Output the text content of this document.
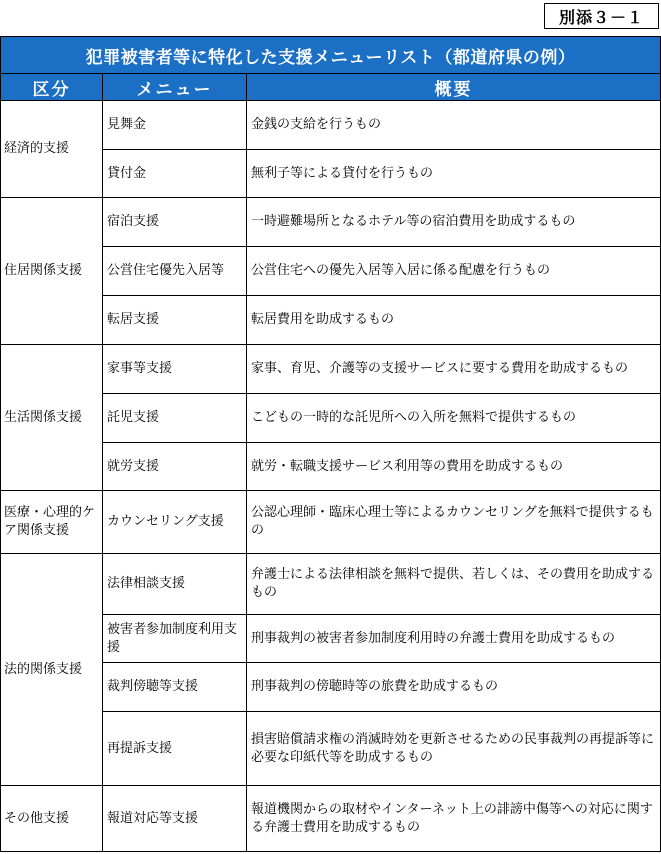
別添３－１
犯罪被害者等に特化した支援メニューリスト（都道府県の例）		
区分	メニュー	概要
経済的支援	見舞金	金銭の支給を行うもの
	貸付金	無利子等による貸付を行うもの
住居関係支援	宿泊支援	一時避難場所となるホテル等の宿泊費用を助成するもの
	公営住宅優先入居等	公営住宅への優先入居等入居に係る配慮を行うもの
	転居支援	転居費用を助成するもの
生活関係支援	家事等支援	家事、育児、介護等の支援サービスに要する費用を助成するもの
	託児支援	こどもの一時的な託児所への入所を無料で提供するもの
	就労支援	就労・転職支援サービス利用等の費用を助成するもの
医療・心理的ケア関係支援	カウンセリング支援	公認心理師・臨床心理士等によるカウンセリングを無料で提供するもの
法的関係支援	法律相談支援	弁護士による法律相談を無料で提供、若しくは、その費用を助成するもの
	被害者参加制度利用支援	刑事裁判の被害者参加制度利用時の弁護士費用を助成するもの
	裁判傍聴等支援	刑事裁判の傍聴時等の旅費を助成するもの
	再提訴支援	損害賠償請求権の消滅時効を更新させるための民事裁判の再提訴等に必要な印紙代等を助成するもの
その他支援	報道対応等支援	報道機関からの取材やインターネット上の誹謗中傷等への対応に関する弁護士費用を助成するもの
